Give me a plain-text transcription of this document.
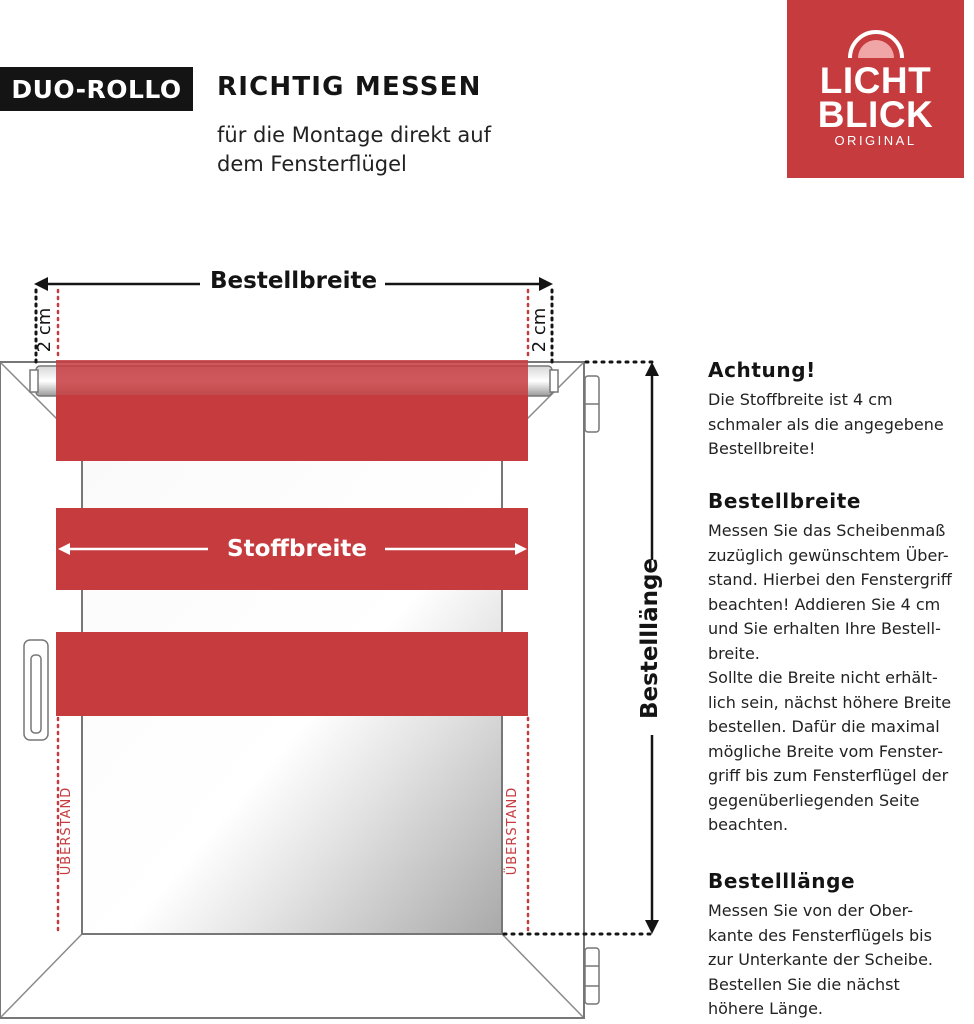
DUO-ROLLO	RICHTIG MESSEN
für die Montage direkt auf
dem Fensterflügel
LICHT
BLICK
ORIGINAL
Bestellbreite
Stoffbreite
2 cm	2 cm
ÜBERSTAND	ÜBERSTAND
Bestelllänge
Achtung!

Die Stoffbreite ist 4 cm
schmaler als die angegebene
Bestellbreite!

Bestellbreite

Messen Sie das Scheibenmaß
zuzüglich gewünschtem Über-
stand. Hierbei den Fenstergriff
beachten! Addieren Sie 4 cm
und Sie erhalten Ihre Bestell-
breite.
Sollte die Breite nicht erhält-
lich sein, nächst höhere Breite
bestellen. Dafür die maximal
mögliche Breite vom Fenster-
griff bis zum Fensterflügel der
gegenüberliegenden Seite
beachten.

Bestelllänge

Messen Sie von der Ober-
kante des Fensterflügels bis
zur Unterkante der Scheibe.
Bestellen Sie die nächst
höhere Länge.
